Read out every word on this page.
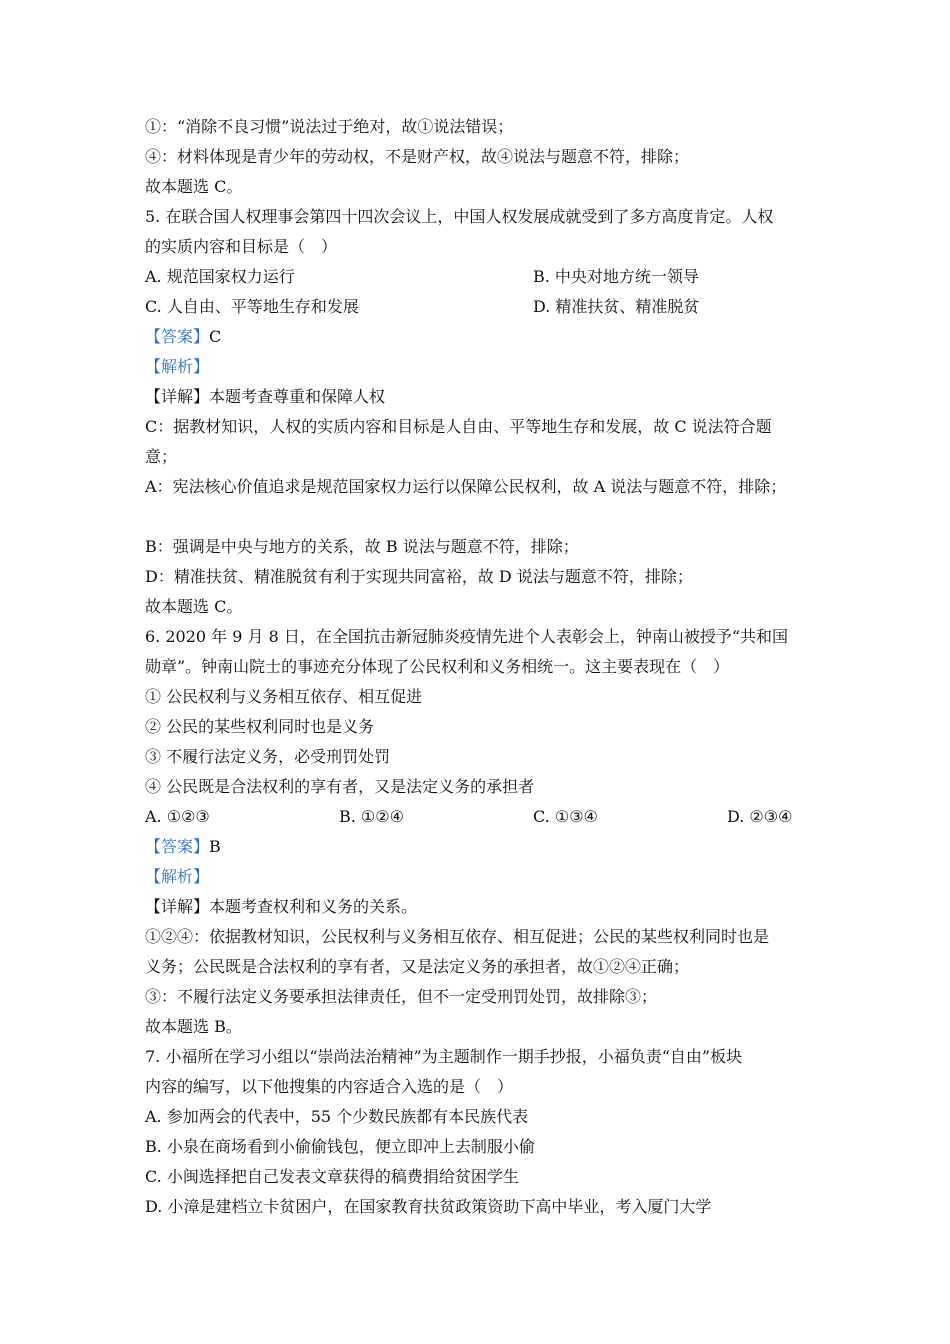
①：“消除不良习惯”说法过于绝对，故①说法错误；
④：材料体现是青少年的劳动权，不是财产权，故④说法与题意不符，排除；
故本题选 C。
5. 在联合国人权理事会第四十四次会议上，中国人权发展成就受到了多方高度肯定。人权
的实质内容和目标是（　）
A. 规范国家权力运行	B. 中央对地方统一领导
C. 人自由、平等地生存和发展	D. 精准扶贫、精准脱贫
【答案】C
【解析】
【详解】本题考查尊重和保障人权
C：据教材知识，人权的实质内容和目标是人自由、平等地生存和发展，故 C 说法符合题
意；
A：宪法核心价值追求是规范国家权力运行以保障公民权利，故 A 说法与题意不符，排除；
B：强调是中央与地方的关系，故 B 说法与题意不符，排除；
D：精准扶贫、精准脱贫有利于实现共同富裕，故 D 说法与题意不符，排除；
故本题选 C。
6. 2020 年 9 月 8 日，在全国抗击新冠肺炎疫情先进个人表彰会上，钟南山被授予“共和国
勋章”。钟南山院士的事迹充分体现了公民权利和义务相统一。这主要表现在（　）
① 公民权利与义务相互依存、相互促进
② 公民的某些权利同时也是义务
③ 不履行法定义务，必受刑罚处罚
④ 公民既是合法权利的享有者，又是法定义务的承担者
A. ①②③	B. ①②④	C. ①③④	D. ②③④
【答案】B
【解析】
【详解】本题考查权利和义务的关系。
①②④：依据教材知识，公民权利与义务相互依存、相互促进；公民的某些权利同时也是
义务；公民既是合法权利的享有者，又是法定义务的承担者，故①②④正确；
③：不履行法定义务要承担法律责任，但不一定受刑罚处罚，故排除③；
故本题选 B。
7. 小福所在学习小组以“崇尚法治精神”为主题制作一期手抄报，小福负责“自由”板块
内容的编写，以下他搜集的内容适合入选的是（　）
A. 参加两会的代表中，55 个少数民族都有本民族代表
B. 小泉在商场看到小偷偷钱包，便立即冲上去制服小偷
C. 小闽选择把自己发表文章获得的稿费捐给贫困学生
D. 小漳是建档立卡贫困户，在国家教育扶贫政策资助下高中毕业，考入厦门大学
